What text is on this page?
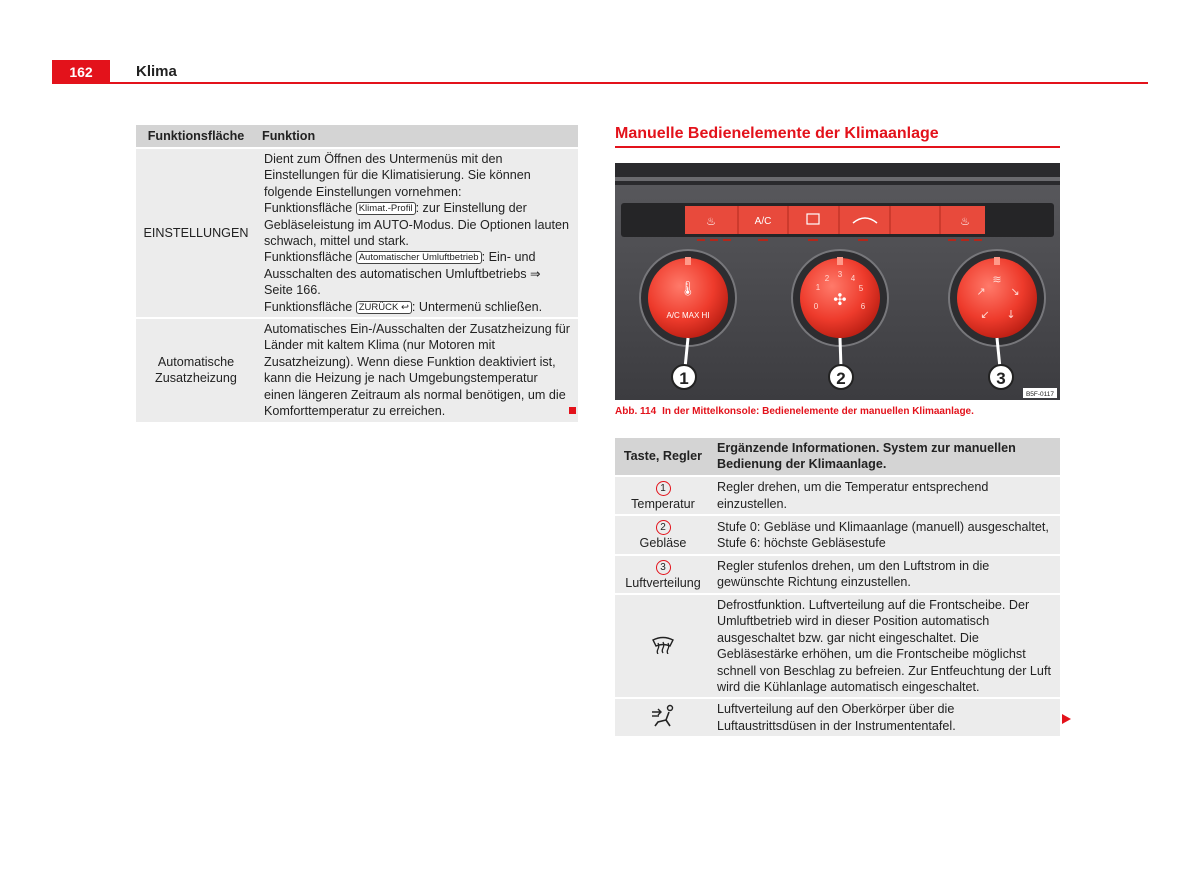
162	Klima
Funktionsfläche	Funktion
EINSTELLUNGEN	Dient zum Öffnen des Untermenüs mit den Einstellungen für die Klimatisierung. Sie können folgende Einstellungen vornehmen:
Funktionsfläche Klimat.-Profil : zur Einstellung der Gebläseleistung im AUTO-Modus. Die Optionen lauten schwach, mittel und stark.
Funktionsfläche Automatischer Umluftbetrieb : Ein- und Ausschalten des automatischen Umluftbetriebs ⇒ Seite 166.
Funktionsfläche ZURÜCK ↩ : Untermenü schließen.
Automatische Zusatzheizung	Automatisches Ein-/Ausschalten der Zusatzheizung für Länder mit kaltem Klima (nur Motoren mit Zusatzheizung). Wenn diese Funktion deaktiviert ist, kann die Heizung je nach Umgebungstemperatur einen längeren Zeitraum als normal benötigen, um die Komforttemperatur zu erreichen.
Manuelle Bedienelemente der Klimaanlage
♨	A/C	♨
🌡
A/C MAX HI
0
1
2 3 4
5
6
✣
≋
↗ ↘
↙ ↓
1	2	3
B5F-0117
Abb. 114 In der Mittelkonsole: Bedienelemente der manuellen Klimaanlage.
Taste, Regler	Ergänzende Informationen. System zur manuellen Bedienung der Klimaanlage.
1
Temperatur	Regler drehen, um die Temperatur entsprechend einzustellen.
2
Gebläse	Stufe 0: Gebläse und Klimaanlage (manuell) ausgeschaltet, Stufe 6: höchste Gebläsestufe
3
Luftverteilung	Regler stufenlos drehen, um den Luftstrom in die gewünschte Richtung einzustellen.
	Defrostfunktion. Luftverteilung auf die Frontscheibe. Der Umluftbetrieb wird in dieser Position automatisch ausgeschaltet bzw. gar nicht eingeschaltet. Die Gebläsestärke erhöhen, um die Frontscheibe möglichst schnell von Beschlag zu befreien. Zur Entfeuchtung der Luft wird die Kühlanlage automatisch eingeschaltet.
	Luftverteilung auf den Oberkörper über die Luftaustrittsdüsen in der Instrumententafel.
